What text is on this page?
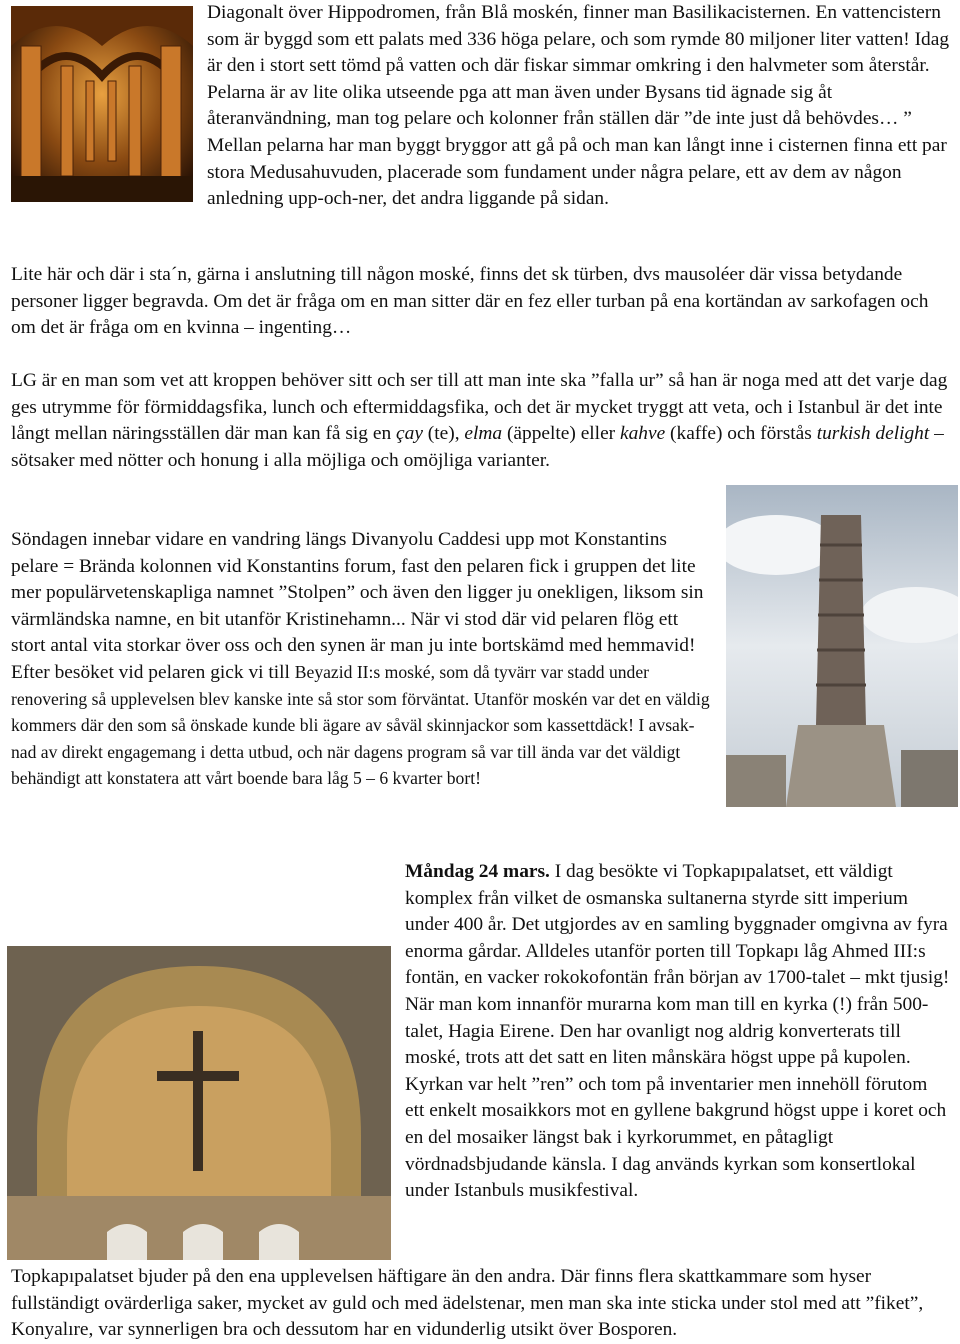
Diagonalt över Hippodromen, från Blå moskén, finner man Basilikacisternen. En vattencistern som är byggd som ett palats med 336 höga pelare, och som rymde 80 miljoner liter vatten! Idag är den i stort sett tömd på vatten och där fiskar simmar omkring i den halvmeter som återstår. Pelarna är av lite olika utseende pga att man även under Bysans tid ägnade sig åt återanvändning, man tog pelare och kolonner från ställen där ”de inte just då behövdes… ” Mellan pelarna har man byggt bryggor att gå på och man kan långt inne i cisternen finna ett par stora Medusahuvuden, placerade som fundament under några pelare, ett av dem av någon anledning upp-och-ner, det andra liggande på sidan.

Lite här och där i sta´n, gärna i anslutning till någon moské, finns det sk türben, dvs mausoléer där vissa betydande personer ligger begravda. Om det är fråga om en man sitter där en fez eller turban på ena kortändan av sarkofagen och om det är fråga om en kvinna – ingenting…

LG är en man som vet att kroppen behöver sitt och ser till att man inte ska ”falla ur” så han är noga med att det varje dag ges utrymme för förmiddagsfika, lunch och eftermiddagsfika, och det är mycket tryggt att veta, och i Istanbul är det inte långt mellan näringsställen där man kan få sig en çay (te), elma (äppelte) eller kahve (kaffe) och förstås turkish delight – sötsaker med nötter och honung i alla möjliga och omöjliga varianter.

Söndagen innebar vidare en vandring längs Divanyolu Caddesi upp mot Konstantins pelare = Brända kolonnen vid Konstantins forum, fast den pelaren fick i gruppen det lite mer populärvetenskapliga namnet ”Stolpen” och även den ligger ju onekligen, liksom sin värmländska namne, en bit utanför Kristinehamn... När vi stod där vid pelaren flög ett stort antal vita storkar över oss och den synen är man ju inte bortskämd med hemmavid! Efter besöket vid pelaren gick vi till Beyazid II:s moské, som då tyvärr var stadd under renovering så upplevelsen blev kanske inte så stor som förväntat. Utanför moskén var det en väldig kommers där den som så önskade kunde bli ägare av såväl skinnjackor som kassettdäck! I avsak-nad av direkt engagemang i detta utbud, och när dagens program så var till ända var det väldigt behändigt att konstatera att vårt boende bara låg 5 – 6 kvarter bort!

Måndag 24 mars. I dag besökte vi Topkapıpalatset, ett väldigt komplex från vilket de osmanska sultanerna styrde sitt imperium under 400 år. Det utgjordes av en samling byggnader omgivna av fyra enorma gårdar. Alldeles utanför porten till Topkapı låg Ahmed III:s fontän, en vacker rokokofontän från början av 1700-talet – mkt tjusig! När man kom innanför murarna kom man till en kyrka (!) från 500-talet, Hagia Eirene. Den har ovanligt nog aldrig konverterats till moské, trots att det satt en liten månskära högst uppe på kupolen. Kyrkan var helt ”ren” och tom på inventarier men innehöll förutom ett enkelt mosaikkors mot en gyllene bakgrund högst uppe i koret och en del mosaiker längst bak i kyrkorummet, en påtagligt vördnadsbjudande känsla. I dag används kyrkan som konsertlokal under Istanbuls musikfestival.

Topkapıpalatset bjuder på den ena upplevelsen häftigare än den andra. Där finns flera skattkammare som hyser fullständigt ovärderliga saker, mycket av guld och med ädelstenar, men man ska inte sticka under stol med att ”fiket”, Konyalıre, var synnerligen bra och dessutom har en vidunderlig utsikt över Bosporen.
